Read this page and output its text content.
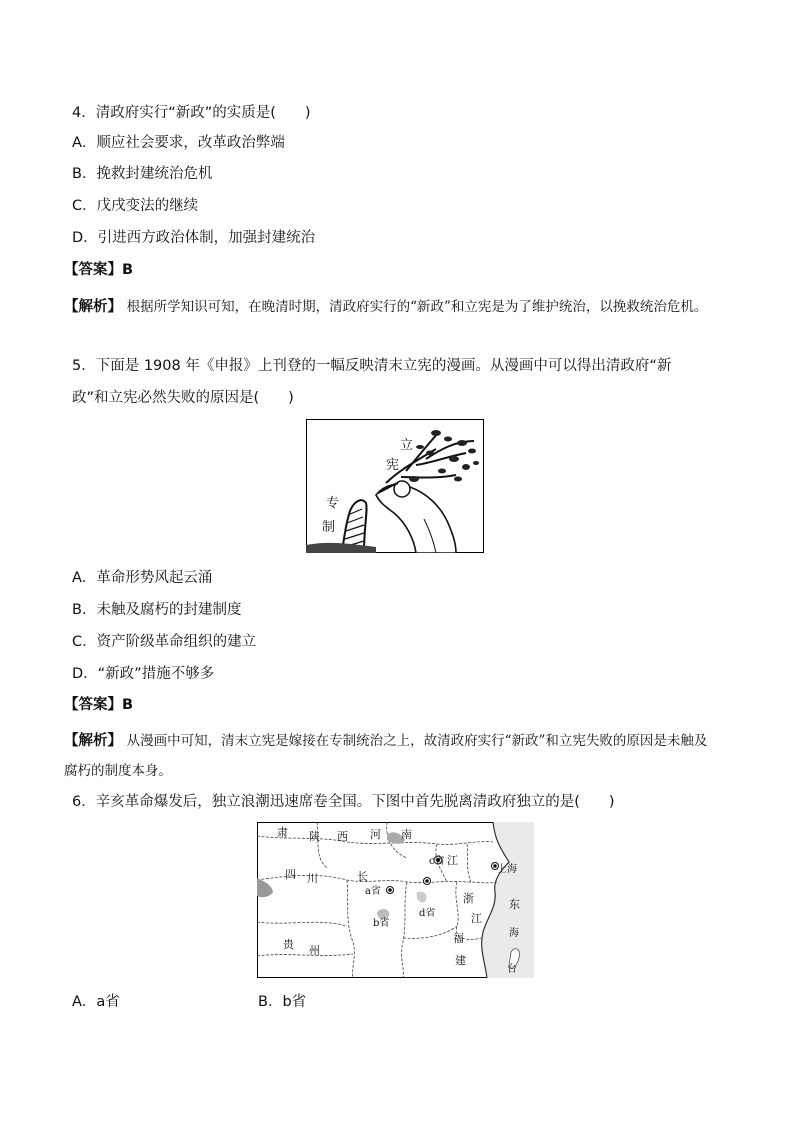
4．清政府实行“新政”的实质是(　　)
A．顺应社会要求，改革政治弊端
B．挽救封建统治危机
C．戊戌变法的继续
D．引进西方政治体制，加强封建统治
【答案】B
【解析】 根据所学知识可知，在晚清时期，清政府实行的“新政”和立宪是为了维护统治，以挽救统治危机。
5．下面是 1908 年《申报》上刊登的一幅反映清末立宪的漫画。从漫画中可以得出清政府“新
政”和立宪必然失败的原因是(　　)
立
宪
专
制
A．革命形势风起云涌
B．未触及腐朽的封建制度
C．资产阶级革命组织的建立
D．“新政”措施不够多
【答案】B
【解析】 从漫画中可知，清末立宪是嫁接在专制统治之上，故清政府实行“新政”和立宪失败的原因是未触及腐朽的制度本身。
6．辛亥革命爆发后，独立浪潮迅速席卷全国。下图中首先脱离清政府独立的是(　　)
肃 陕 西 河 南
四 川	长
a省
c省 江
上海
b省
d省
浙
江
东
海
贵 州
福
建
台
A．a省	B．b省
